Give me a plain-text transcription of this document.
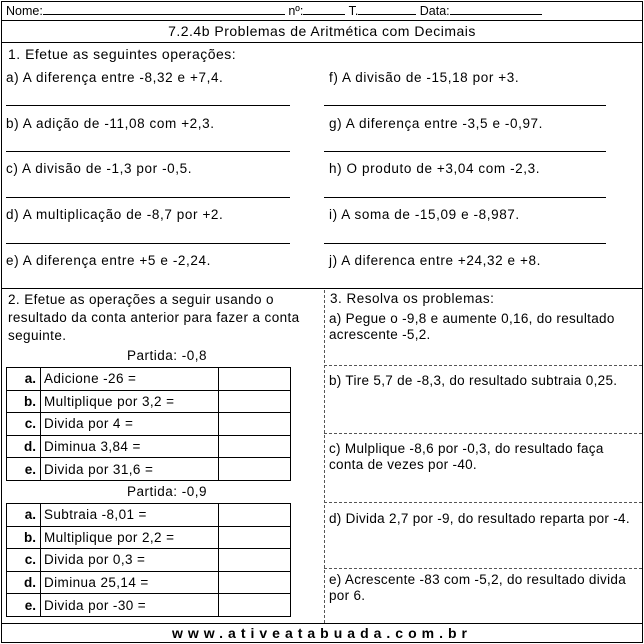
Nome:	nº:	T.	Data:
7.2.4b Problemas de Aritmética com Decimais
1. Efetue as seguintes operações:
a) A diferença entre -8,32 e +7,4.
b) A adição de -11,08 com +2,3.
c) A divisão de -1,3 por -0,5.
d) A multiplicação de -8,7 por +2.
e) A diferença entre +5 e -2,24.
f) A divisão de -15,18 por +3.
g) A diferença entre -3,5 e -0,97.
h) O produto de +3,04 com -2,3.
i) A soma de -15,09 e -8,987.
j) A diferenca entre +24,32 e +8.
2. Efetue as operações a seguir usando o resultado da conta anterior para fazer a conta seguinte.
Partida: -0,8
a.	Adicione -26 =	
b.	Multiplique por 3,2 =	
c.	Divida por 4 =	
d.	Diminua 3,84 =	
e.	Divida por 31,6 =	
Partida: -0,9
a.	Subtraia -8,01 =	
b.	Multiplique por 2,2 =	
c.	Divida por 0,3 =	
d.	Diminua 25,14 =	
e.	Divida por -30 =	
3. Resolva os problemas:
a) Pegue o -9,8 e aumente 0,16, do resultado acrescente -5,2.
b) Tire 5,7 de -8,3, do resultado subtraia 0,25.
c) Mulplique -8,6 por -0,3, do resultado faça conta de vezes por -40.
d) Divida 2,7 por -9, do resultado reparta por -4.
e) Acrescente -83 com -5,2, do resultado divida por 6.
www.ativeatabuada.com.br
